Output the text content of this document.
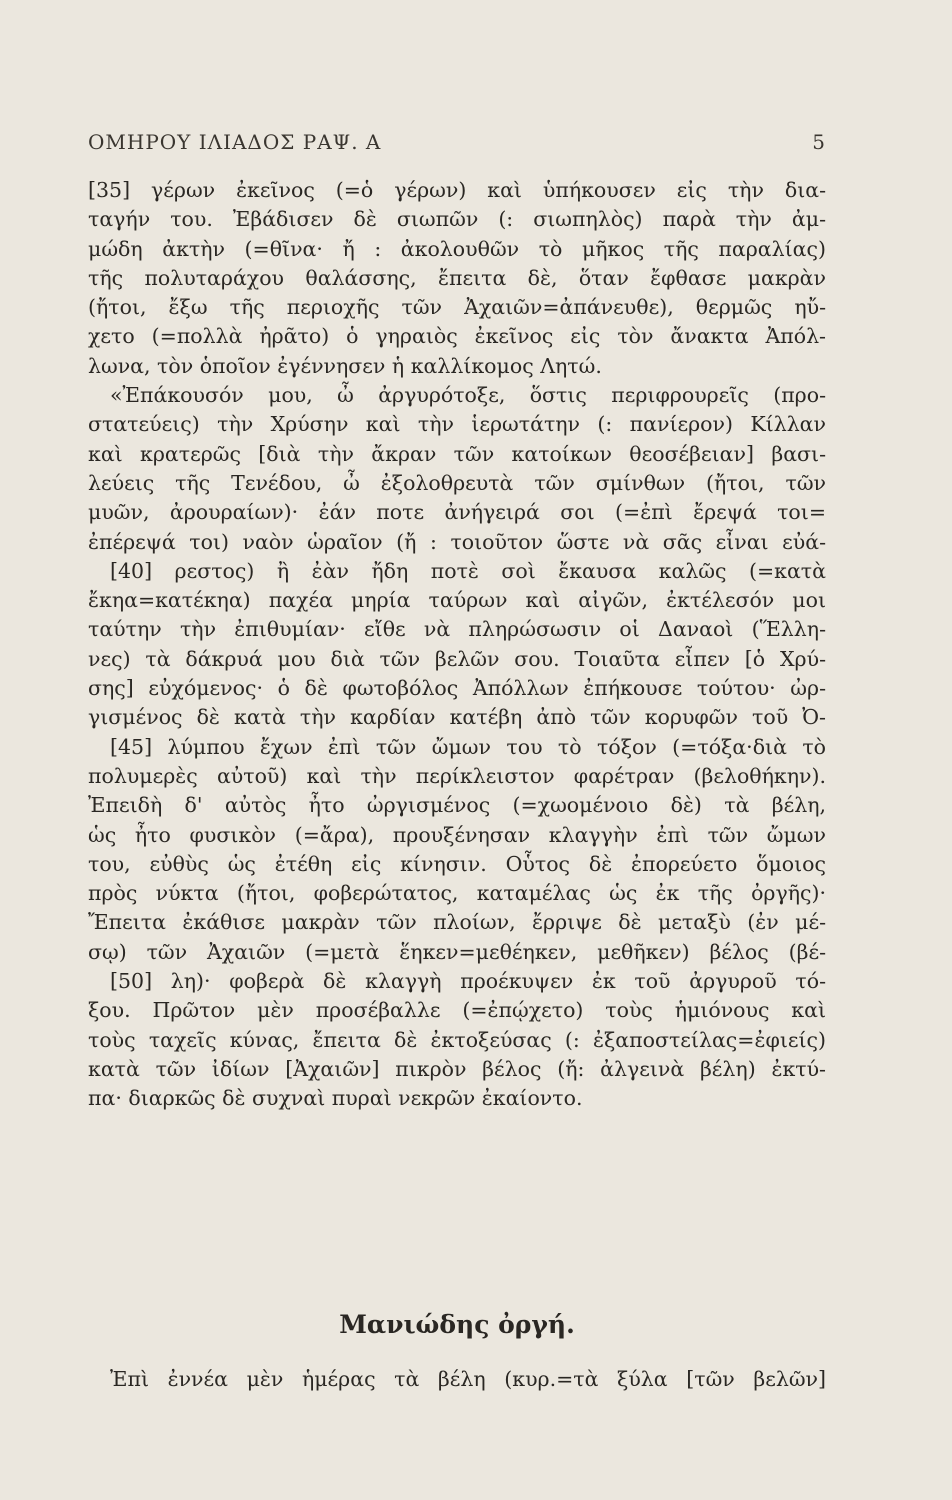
ΟΜΗΡΟΥ ΙΛΙΑΔΟΣ ΡΑΨ. Α	5
[35] γέρων ἐκεῖνος (=ὁ γέρων) καὶ ὑπήκουσεν εἰς τὴν δια-
ταγήν του. Ἐβάδισεν δὲ σιωπῶν (: σιωπηλὸς) παρὰ τὴν ἀμ-
μώδη ἀκτὴν (=θῖνα· ἤ : ἀκολουθῶν τὸ μῆκος τῆς παραλίας)
τῆς πολυταράχου θαλάσσης, ἔπειτα δὲ, ὅταν ἔφθασε μακρὰν
(ἤτοι, ἔξω τῆς περιοχῆς τῶν Ἀχαιῶν=ἀπάνευθε), θερμῶς ηὔ-
χετο (=πολλὰ ἠρᾶτο) ὁ γηραιὸς ἐκεῖνος εἰς τὸν ἄνακτα Ἀπόλ-
λωνα, τὸν ὁποῖον ἐγέννησεν ἡ καλλίκομος Λητώ.
«Ἐπάκουσόν μου, ὦ ἀργυρότοξε, ὅστις περιφρουρεῖς (προ-
στατεύεις) τὴν Χρύσην καὶ τὴν ἱερωτάτην (: πανίερον) Κίλλαν
καὶ κρατερῶς [διὰ τὴν ἄκραν τῶν κατοίκων θεοσέβειαν] βασι-
λεύεις τῆς Τενέδου, ὦ ἐξολοθρευτὰ τῶν σμίνθων (ἤτοι, τῶν
μυῶν, ἀρουραίων)· ἐάν ποτε ἀνήγειρά σοι (=ἐπὶ ἔρεψά τοι=
ἐπέρεψά τοι) ναὸν ὡραῖον (ἤ : τοιοῦτον ὥστε νὰ σᾶς εἶναι εὐά-
[40] ρεστος) ἢ ἐὰν ἤδη ποτὲ σοὶ ἔκαυσα καλῶς (=κατὰ
ἔκηα=κατέκηα) παχέα μηρία ταύρων καὶ αἰγῶν, ἐκτέλεσόν μοι
ταύτην τὴν ἐπιθυμίαν· εἴθε νὰ πληρώσωσιν οἱ Δαναοὶ (Ἕλλη-
νες) τὰ δάκρυά μου διὰ τῶν βελῶν σου. Τοιαῦτα εἶπεν [ὁ Χρύ-
σης] εὐχόμενος· ὁ δὲ φωτοβόλος Ἀπόλλων ἐπήκουσε τούτου· ὠρ-
γισμένος δὲ κατὰ τὴν καρδίαν κατέβη ἀπὸ τῶν κορυφῶν τοῦ Ὀ-
[45] λύμπου ἔχων ἐπὶ τῶν ὤμων του τὸ τόξον (=τόξα·διὰ τὸ
πολυμερὲς αὐτοῦ) καὶ τὴν περίκλειστον φαρέτραν (βελοθήκην).
Ἐπειδὴ δ' αὐτὸς ἦτο ὠργισμένος (=χωομένοιο δὲ) τὰ βέλη,
ὡς ἦτο φυσικὸν (=ἄρα), προυξένησαν κλαγγὴν ἐπὶ τῶν ὤμων
του, εὐθὺς ὡς ἐτέθη εἰς κίνησιν. Οὗτος δὲ ἐπορεύετο ὅμοιος
πρὸς νύκτα (ἤτοι, φοβερώτατος, καταμέλας ὡς ἐκ τῆς ὀργῆς)·
Ἔπειτα ἐκάθισε μακρὰν τῶν πλοίων, ἔρριψε δὲ μεταξὺ (ἐν μέ-
σῳ) τῶν Ἀχαιῶν (=μετὰ ἕηκεν=μεθέηκεν, μεθῆκεν) βέλος (βέ-
[50] λη)· φοβερὰ δὲ κλαγγὴ προέκυψεν ἐκ τοῦ ἀργυροῦ τό-
ξου. Πρῶτον μὲν προσέβαλλε (=ἐπῴχετο) τοὺς ἡμιόνους καὶ
τοὺς ταχεῖς κύνας, ἔπειτα δὲ ἐκτοξεύσας (: ἐξαποστείλας=ἐφιείς)
κατὰ τῶν ἰδίων [Ἀχαιῶν] πικρὸν βέλος (ἤ: ἀλγεινὰ βέλη) ἐκτύ-
πα· διαρκῶς δὲ συχναὶ πυραὶ νεκρῶν ἐκαίοντο.
Μανιώδης ὀργή.
Ἐπὶ ἐννέα μὲν ἡμέρας τὰ βέλη (κυρ.=τὰ ξύλα [τῶν βελῶν]
